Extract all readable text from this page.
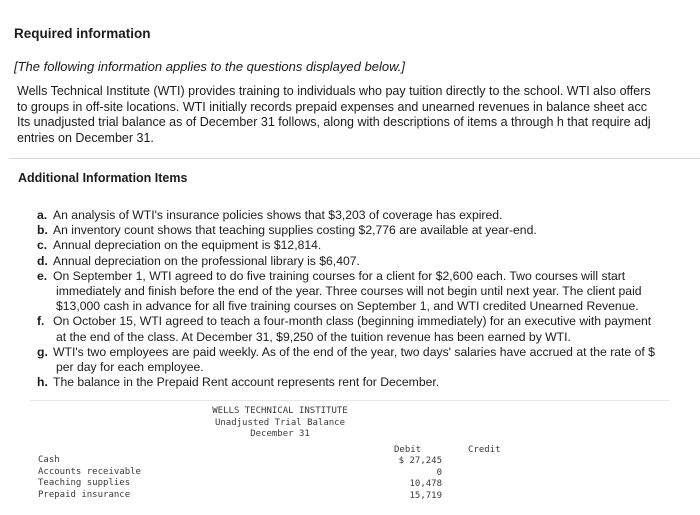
Required information

[The following information applies to the questions displayed below.]

Wells Technical Institute (WTI) provides training to individuals who pay tuition directly to the school. WTI also offers
to groups in off-site locations. WTI initially records prepaid expenses and unearned revenues in balance sheet acc
Its unadjusted trial balance as of December 31 follows, along with descriptions of items a through h that require adj
entries on December 31.

Additional Information Items
a. An analysis of WTI's insurance policies shows that $3,203 of coverage has expired.
b. An inventory count shows that teaching supplies costing $2,776 are available at year-end.
c. Annual depreciation on the equipment is $12,814.
d. Annual depreciation on the professional library is $6,407.
e. On September 1, WTI agreed to do five training courses for a client for $2,600 each. Two courses will start
immediately and finish before the end of the year. Three courses will not begin until next year. The client paid
$13,000 cash in advance for all five training courses on September 1, and WTI credited Unearned Revenue.
f. On October 15, WTI agreed to teach a four-month class (beginning immediately) for an executive with payment
at the end of the class. At December 31, $9,250 of the tuition revenue has been earned by WTI.
g. WTI's two employees are paid weekly. As of the end of the year, two days' salaries have accrued at the rate of $
per day for each employee.
h. The balance in the Prepaid Rent account represents rent for December.
WELLS TECHNICAL INSTITUTE
Unadjusted Trial Balance
December 31
Debit	Credit
Cash
Accounts receivable
Teaching supplies
Prepaid insurance
$ 27,245
0
10,478
15,719
